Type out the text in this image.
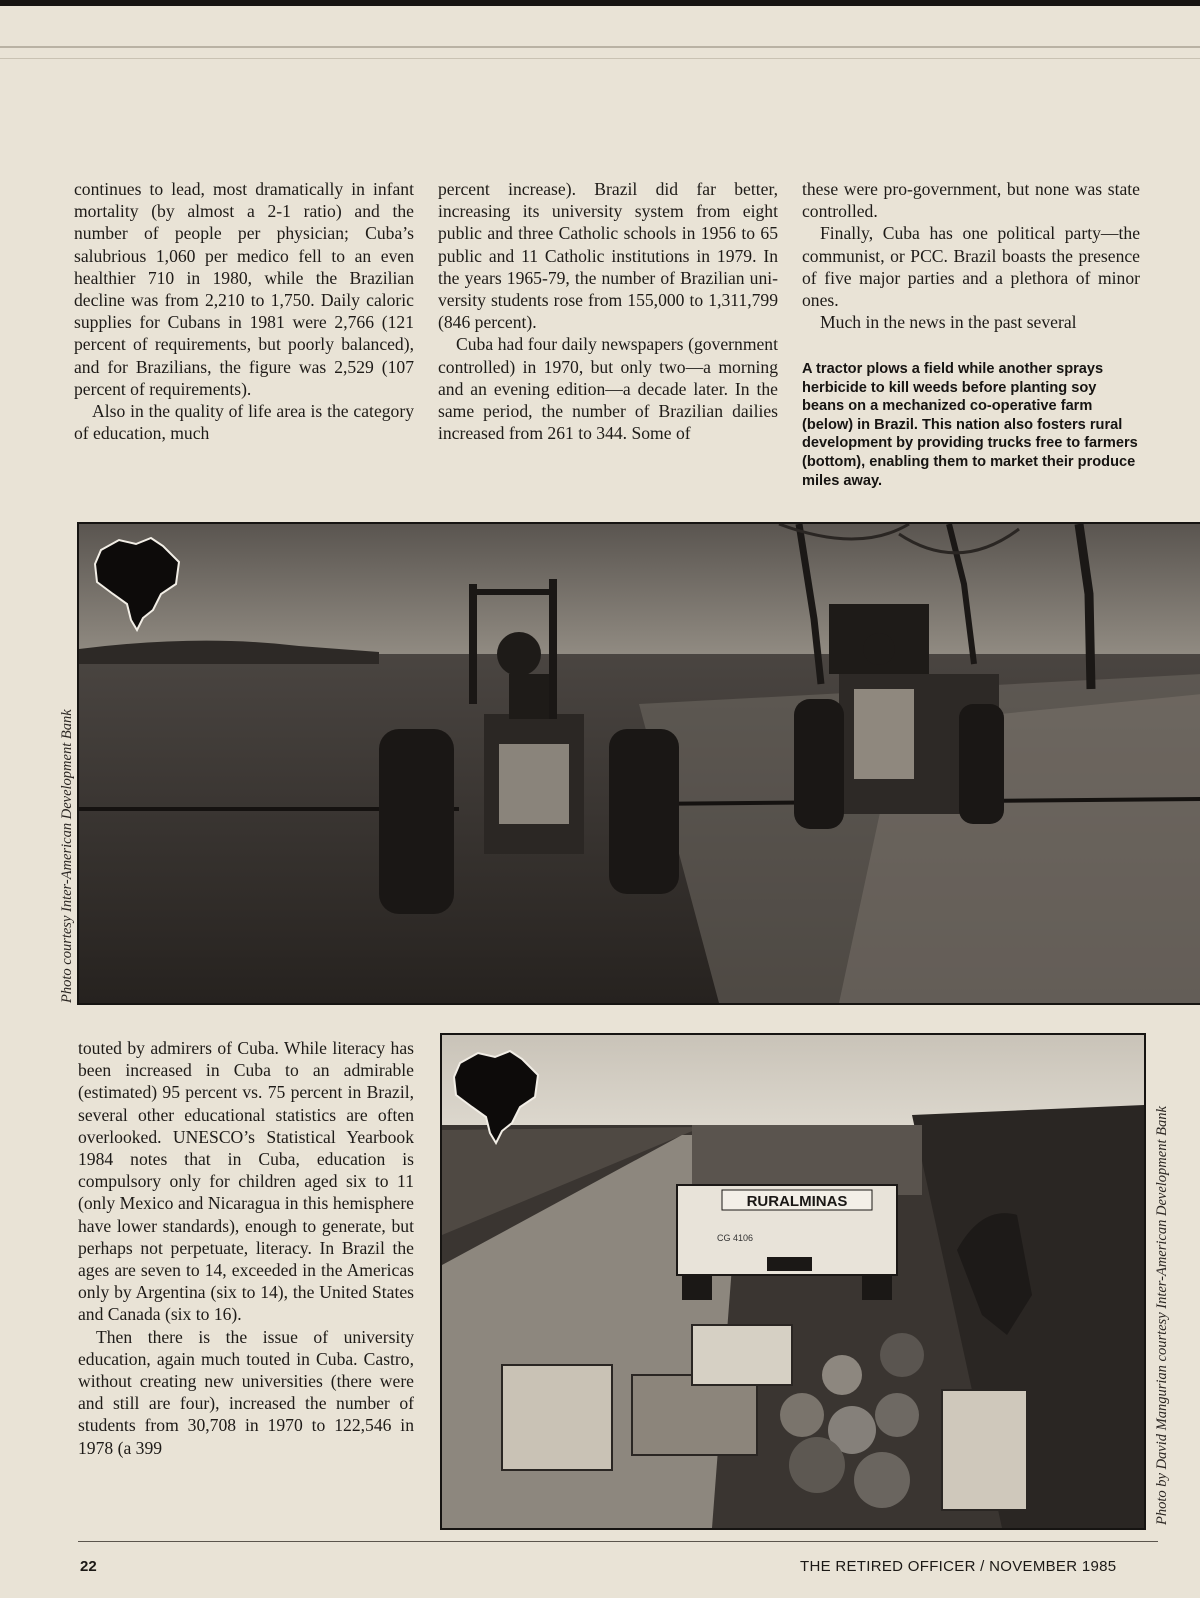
continues to lead, most dramatically in infant mortality (by almost a 2-1 ratio) and the number of people per physician; Cuba’s salubrious 1,060 per medico fell to an even healthier 710 in 1980, while the Brazilian decline was from 2,210 to 1,750. Daily caloric supplies for Cubans in 1981 were 2,766 (121 percent of requirements, but poorly balanced), and for Brazilians, the figure was 2,529 (107 percent of requirements).

Also in the quality of life area is the category of education, much

percent increase). Brazil did far better, increasing its university system from eight public and three Catholic schools in 1956 to 65 public and 11 Catholic institutions in 1979. In the years 1965-79, the number of Brazilian university students rose from 155,000 to 1,311,799 (846 percent).

Cuba had four daily newspapers (government controlled) in 1970, but only two—a morning and an evening edition—a decade later. In the same period, the number of Brazilian dailies increased from 261 to 344. Some of

these were pro-government, but none was state controlled.

Finally, Cuba has one political party—the communist, or PCC. Brazil boasts the presence of five major parties and a plethora of minor ones.

Much in the news in the past several

A tractor plows a field while another sprays herbicide to kill weeds before planting soy beans on a mechanized co-operative farm (below) in Brazil. This nation also fosters rural development by providing trucks free to farmers (bottom), enabling them to market their produce miles away.
Photo courtesy Inter-American Development Bank

touted by admirers of Cuba. While literacy has been increased in Cuba to an admirable (estimated) 95 percent vs. 75 percent in Brazil, several other educational statistics are often overlooked. UNESCO’s Statistical Yearbook 1984 notes that in Cuba, education is compulsory only for children aged six to 11 (only Mexico and Nicaragua in this hemisphere have lower standards), enough to generate, but perhaps not perpetuate, literacy. In Brazil the ages are seven to 14, exceeded in the Americas only by Argentina (six to 14), the United States and Canada (six to 16).

Then there is the issue of university education, again much touted in Cuba. Castro, without creating new universities (there were and still are four), increased the number of students from 30,708 in 1970 to 122,546 in 1978 (a 399

RURALMINAS
CG 4106	Photo by David Mangurian courtesy Inter-American Development Bank
22	THE RETIRED OFFICER / NOVEMBER 1985
